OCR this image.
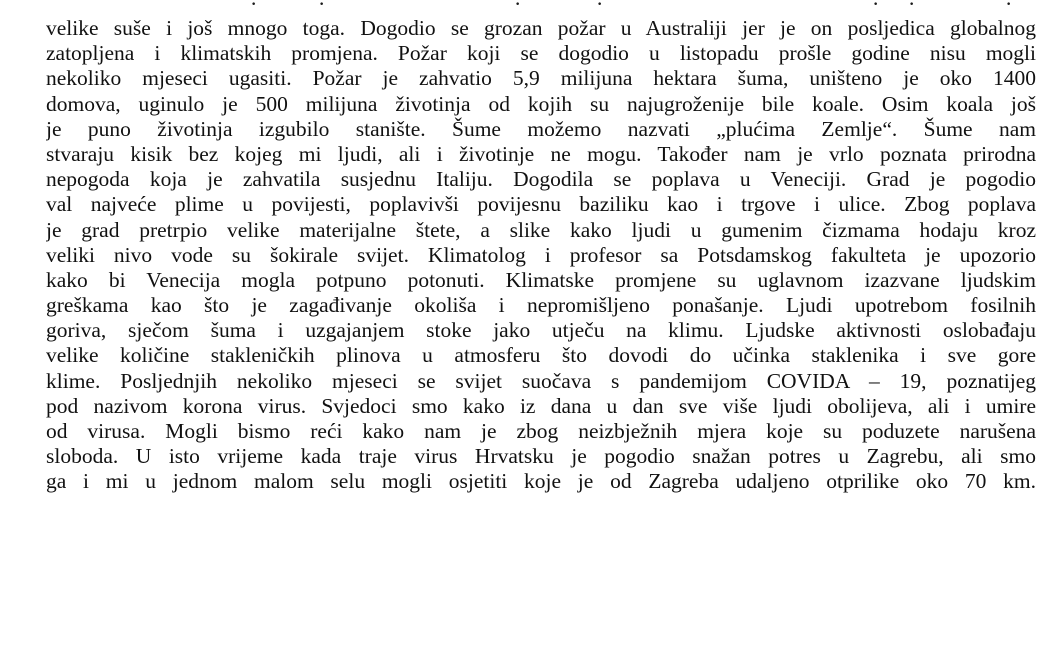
·	·	·	·	· ·	·
velike suše i još mnogo toga. Dogodio se grozan požar u Australiji jer je on posljedica globalnog
zatopljena i klimatskih promjena. Požar koji se dogodio u listopadu prošle godine nisu mogli
nekoliko mjeseci ugasiti. Požar je zahvatio 5,9 milijuna hektara šuma, uništeno je oko 1400
domova, uginulo je 500 milijuna životinja od kojih su najugroženije bile koale. Osim koala još
je puno životinja izgubilo stanište. Šume možemo nazvati „plućima Zemlje“. Šume nam
stvaraju kisik bez kojeg mi ljudi, ali i životinje ne mogu. Također nam je vrlo poznata prirodna
nepogoda koja je zahvatila susjednu Italiju. Dogodila se poplava u Veneciji. Grad je pogodio
val najveće plime u povijesti, poplavivši povijesnu baziliku kao i trgove i ulice. Zbog poplava
je grad pretrpio velike materijalne štete, a slike kako ljudi u gumenim čizmama hodaju kroz
veliki nivo vode su šokirale svijet. Klimatolog i profesor sa Potsdamskog fakulteta je upozorio
kako bi Venecija mogla potpuno potonuti. Klimatske promjene su uglavnom izazvane ljudskim
greškama kao što je zagađivanje okoliša i nepromišljeno ponašanje. Ljudi upotrebom fosilnih
goriva, sječom šuma i uzgajanjem stoke jako utječu na klimu. Ljudske aktivnosti oslobađaju
velike količine stakleničkih plinova u atmosferu što dovodi do učinka staklenika i sve gore
klime. Posljednjih nekoliko mjeseci se svijet suočava s pandemijom COVIDA – 19, poznatijeg
pod nazivom korona virus. Svjedoci smo kako iz dana u dan sve više ljudi obolijeva, ali i umire
od virusa. Mogli bismo reći kako nam je zbog neizbježnih mjera koje su poduzete narušena
sloboda. U isto vrijeme kada traje virus Hrvatsku je pogodio snažan potres u Zagrebu, ali smo
ga i mi u jednom malom selu mogli osjetiti koje je od Zagreba udaljeno otprilike oko 70 km.
